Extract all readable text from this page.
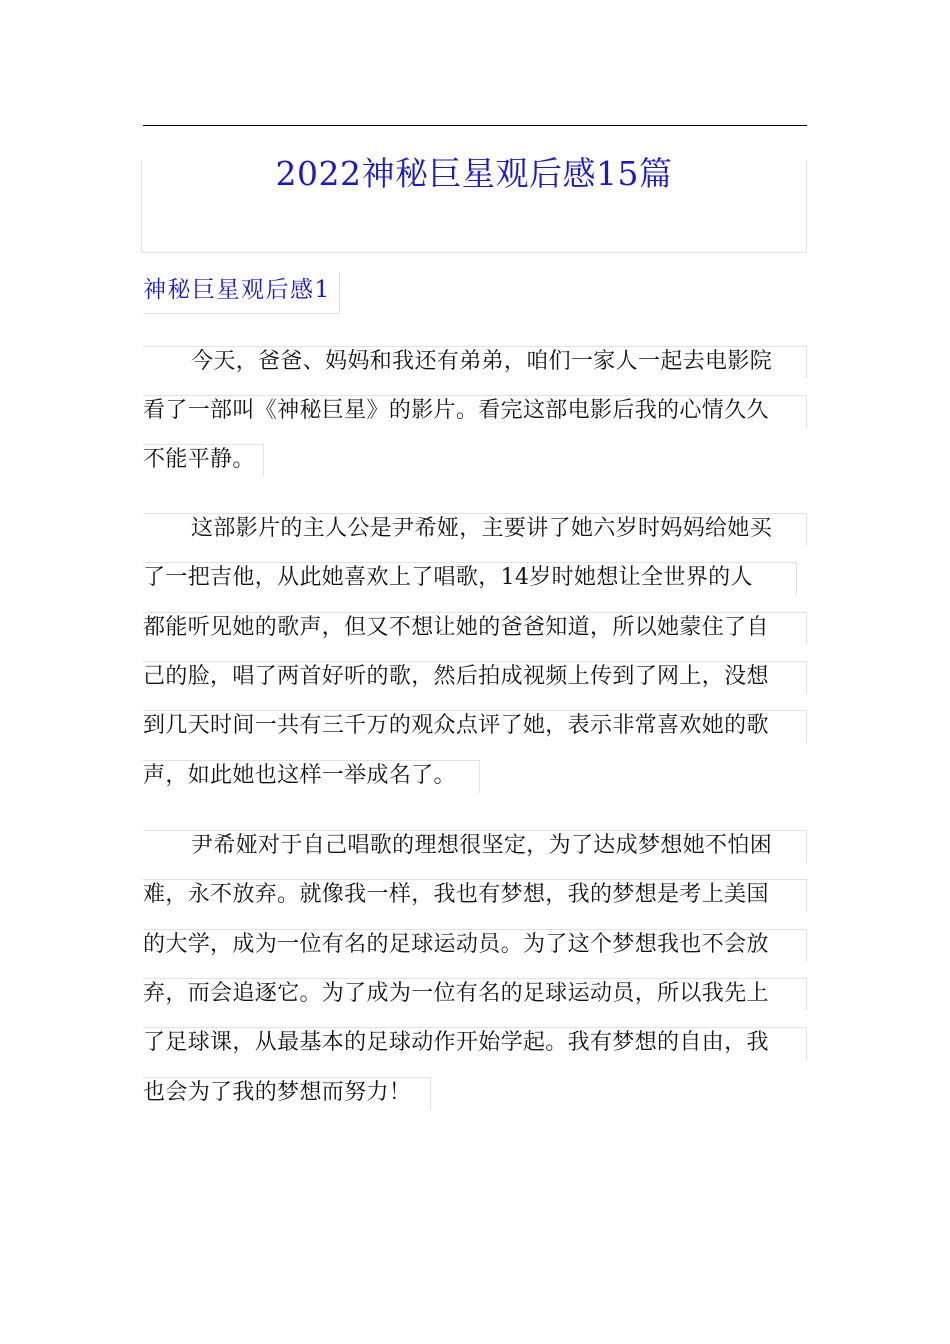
2022神秘巨星观后感15篇
神秘巨星观后感1
今天，爸爸、妈妈和我还有弟弟，咱们一家人一起去电影院
看了一部叫《神秘巨星》的影片。看完这部电影后我的心情久久
不能平静。
这部影片的主人公是尹希娅，主要讲了她六岁时妈妈给她买
了一把吉他，从此她喜欢上了唱歌，14岁时她想让全世界的人
都能听见她的歌声，但又不想让她的爸爸知道，所以她蒙住了自
己的脸，唱了两首好听的歌，然后拍成视频上传到了网上，没想
到几天时间一共有三千万的观众点评了她，表示非常喜欢她的歌
声，如此她也这样一举成名了。
尹希娅对于自己唱歌的理想很坚定，为了达成梦想她不怕困
难，永不放弃。就像我一样，我也有梦想，我的梦想是考上美国
的大学，成为一位有名的足球运动员。为了这个梦想我也不会放
弃，而会追逐它。为了成为一位有名的足球运动员，所以我先上
了足球课，从最基本的足球动作开始学起。我有梦想的自由，我
也会为了我的梦想而努力！
